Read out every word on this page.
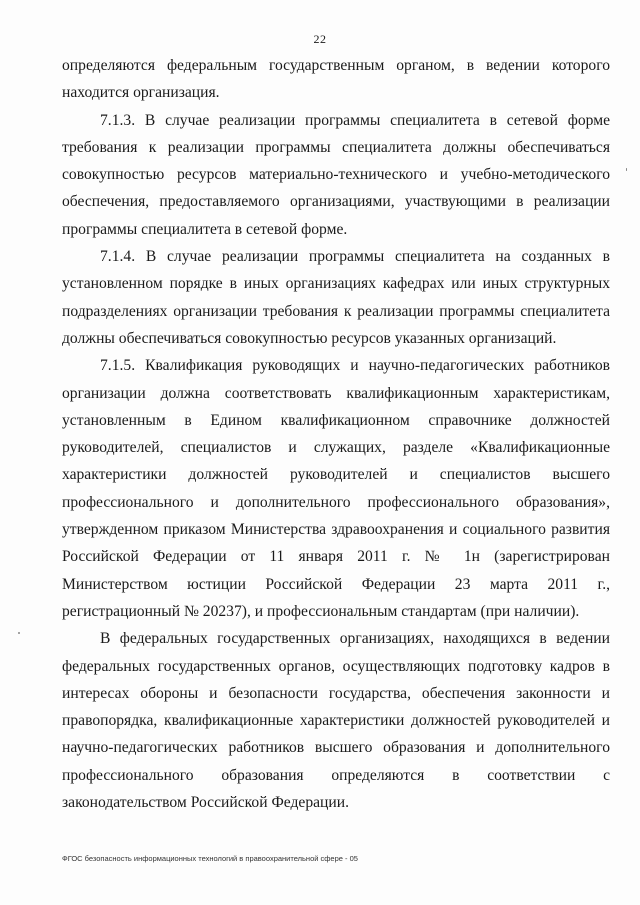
22

определяются федеральным государственным органом, в ведении которого находится организация.

7.1.3. В случае реализации программы специалитета в сетевой форме требования к реализации программы специалитета должны обеспечиваться совокупностью ресурсов материально-технического и учебно-методического обеспечения, предоставляемого организациями, участвующими в реализации программы специалитета в сетевой форме.

7.1.4. В случае реализации программы специалитета на созданных в установленном порядке в иных организациях кафедрах или иных структурных подразделениях организации требования к реализации программы специалитета должны обеспечиваться совокупностью ресурсов указанных организаций.

7.1.5. Квалификация руководящих и научно-педагогических работников организации должна соответствовать квалификационным характеристикам, установленным в Едином квалификационном справочнике должностей руководителей, специалистов и служащих, разделе «Квалификационные характеристики должностей руководителей и специалистов высшего профессионального и дополнительного профессионального образования», утвержденном приказом Министерства здравоохранения и социального развития Российской Федерации от 11 января 2011 г. № 1н (зарегистрирован Министерством юстиции Российской Федерации 23 марта 2011 г., регистрационный № 20237), и профессиональным стандартам (при наличии).

В федеральных государственных организациях, находящихся в ведении федеральных государственных органов, осуществляющих подготовку кадров в интересах обороны и безопасности государства, обеспечения законности и правопорядка, квалификационные характеристики должностей руководителей и научно-педагогических работников высшего образования и дополнительного профессионального образования определяются в соответствии с законодательством Российской Федерации.

ФГОС безопасность информационных технологий в правоохранительной сфере - 05
